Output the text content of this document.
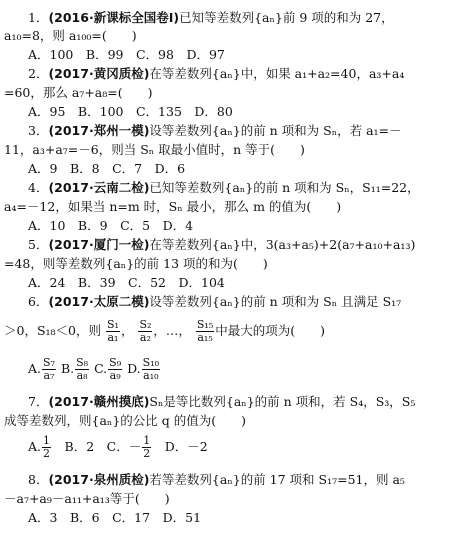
1．(2016·新课标全国卷Ⅰ)已知等差数列{aₙ}前 9 项的和为 27，
a₁₀=8，则 a₁₀₀=(　　)
A．100　B．99　C．98　D．97
2．(2017·黄冈质检)在等差数列{aₙ}中，如果 a₁+a₂=40，a₃+a₄
=60，那么 a₇+a₈=(　　)
A．95　B．100　C．135　D．80
3．(2017·郑州一模)设等差数列{aₙ}的前 n 项和为 Sₙ，若 a₁=－
11，a₃+a₇=－6，则当 Sₙ 取最小值时，n 等于(　　)
A．9　B．8　C．7　D．6
4．(2017·云南二检)已知等差数列{aₙ}的前 n 项和为 Sₙ，S₁₁=22，
a₄=－12，如果当 n=m 时，Sₙ 最小，那么 m 的值为(　　)
A．10　B．9　C．5　D．4
5．(2017·厦门一检)在等差数列{aₙ}中，3(a₃+a₅)+2(a₇+a₁₀+a₁₃)
=48，则等差数列{aₙ}的前 13 项的和为(　　)
A．24　B．39　C．52　D．104
6．(2017·太原二模)设等差数列{aₙ}的前 n 项和为 Sₙ 且满足 S₁₇
＞0，S₁₈＜0，则 $\frac{\text{S₁}}{\text{a₁}}$ ， $\frac{\text{S₂}}{\text{a₂}}$ ，…， $\frac{\text{S₁₅}}{\text{a₁₅}}$ 中最大的项为(　　)
A. $\frac{\text{S₇}}{\text{a₇}} B$. $\frac{\text{S₈}}{\text{a₈}} C$. $\frac{\text{S₉}}{\text{a₉}} D$. $\frac{\text{S₁₀}}{\text{a₁₀}}$
7．(2017·赣州摸底)Sₙ是等比数列{aₙ}的前 n 项和，若 S₄，S₃，S₅
成等差数列，则{aₙ}的公比 q 的值为(　　)
A. $\frac{1}{2}$ 　B．2　C．－ $\frac{1}{2}$ 　D．－2
8．(2017·泉州质检)若等差数列{aₙ}的前 17 项和 S₁₇=51，则 a₅
－a₇+a₉－a₁₁+a₁₃等于(　　)
A．3　B．6　C．17　D．51
